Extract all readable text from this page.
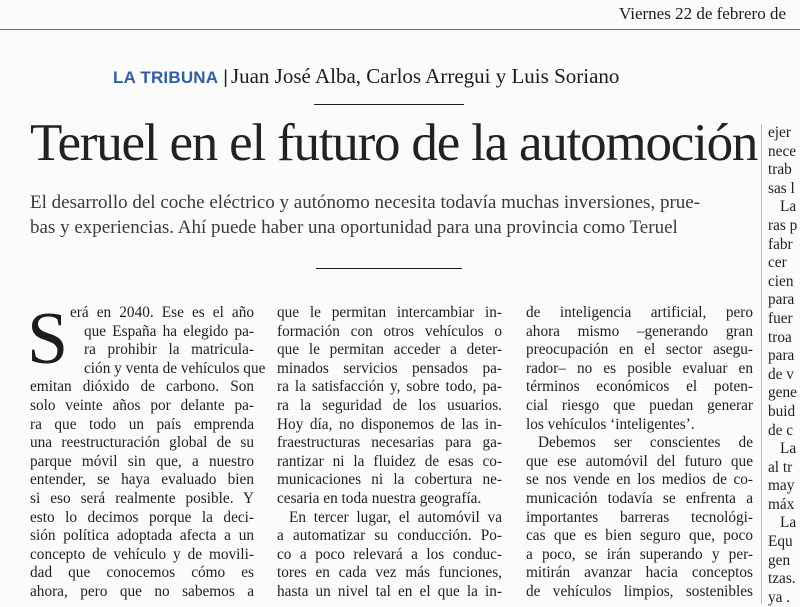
Viernes 22 de febrero de
LA TRIBUNA | Juan José Alba, Carlos Arregui y Luis Soriano
Teruel en el futuro de la automoción
El desarrollo del coche eléctrico y autónomo necesita todavía muchas inversiones, prue-
bas y experiencias. Ahí puede haber una oportunidad para una provincia como Teruel
S erá en 2040. Ese es el año
que España ha elegido pa-
ra prohibir la matricula-
ción y venta de vehículos que
emitan dióxido de carbono. Son
solo veinte años por delante pa-
ra que todo un país emprenda
una reestructuración global de su
parque móvil sin que, a nuestro
entender, se haya evaluado bien
si eso será realmente posible. Y
esto lo decimos porque la deci-
sión política adoptada afecta a un
concepto de vehículo y de movili-
dad que conocemos cómo es
ahora, pero que no sabemos a
que le permitan intercambiar in-
formación con otros vehículos o
que le permitan acceder a deter-
minados servicios pensados pa-
ra la satisfacción y, sobre todo, pa-
ra la seguridad de los usuarios.
Hoy día, no disponemos de las in-
fraestructuras necesarias para ga-
rantizar ni la fluidez de esas co-
municaciones ni la cobertura ne-
cesaria en toda nuestra geografía.
En tercer lugar, el automóvil va
a automatizar su conducción. Po-
co a poco relevará a los conduc-
tores en cada vez más funciones,
hasta un nivel tal en el que la in-
de inteligencia artificial, pero
ahora mismo –generando gran
preocupación en el sector asegu-
rador– no es posible evaluar en
términos económicos el poten-
cial riesgo que puedan generar
los vehículos ‘inteligentes’.
Debemos ser conscientes de
que ese automóvil del futuro que
se nos vende en los medios de co-
municación todavía se enfrenta a
importantes barreras tecnológi-
cas que es bien seguro que, poco
a poco, se irán superando y per-
mitirán avanzar hacia conceptos
de vehículos limpios, sostenibles
ejer
nece
trab
sas l
La
ras p
fabr
cer
cien
para
fuer
troa
para
de v
gene
buid
de c
La
al tr
may
máx
La
Equ
gen
tzas.
ya .
